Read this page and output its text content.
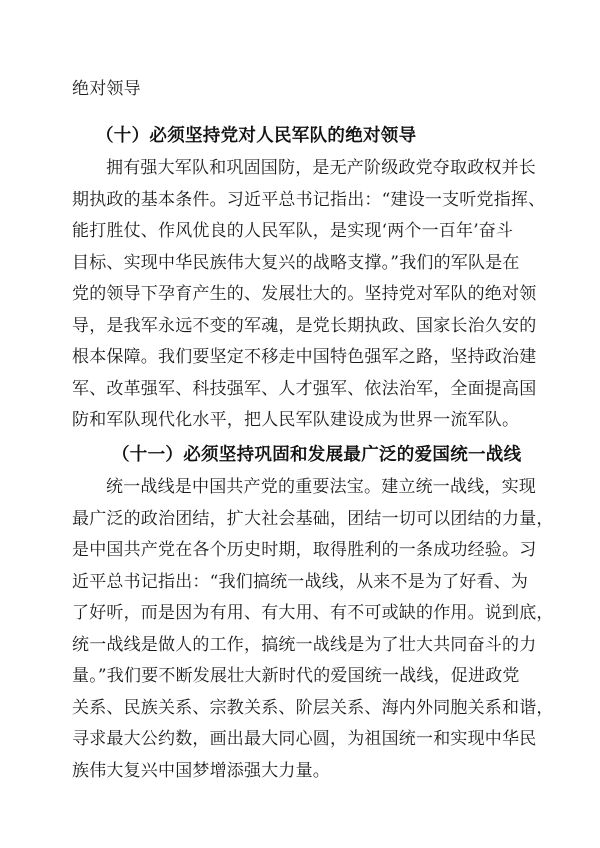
绝对领导
（十）必须坚持党对人民军队的绝对领导
拥有强大军队和巩固国防，是无产阶级政党夺取政权并长
期执政的基本条件。习近平总书记指出：“建设一支听党指挥、
能打胜仗、作风优良的人民军队，是实现‘两个一百年’奋斗
目标、实现中华民族伟大复兴的战略支撑。”我们的军队是在
党的领导下孕育产生的、发展壮大的。坚持党对军队的绝对领
导，是我军永远不变的军魂，是党长期执政、国家长治久安的
根本保障。我们要坚定不移走中国特色强军之路，坚持政治建
军、改革强军、科技强军、人才强军、依法治军，全面提高国
防和军队现代化水平，把人民军队建设成为世界一流军队。
（十一）必须坚持巩固和发展最广泛的爱国统一战线
统一战线是中国共产党的重要法宝。建立统一战线，实现
最广泛的政治团结，扩大社会基础，团结一切可以团结的力量，
是中国共产党在各个历史时期，取得胜利的一条成功经验。习
近平总书记指出：“我们搞统一战线，从来不是为了好看、为
了好听，而是因为有用、有大用、有不可或缺的作用。说到底，
统一战线是做人的工作，搞统一战线是为了壮大共同奋斗的力
量。”我们要不断发展壮大新时代的爱国统一战线，促进政党
关系、民族关系、宗教关系、阶层关系、海内外同胞关系和谐，
寻求最大公约数，画出最大同心圆，为祖国统一和实现中华民
族伟大复兴中国梦增添强大力量。
